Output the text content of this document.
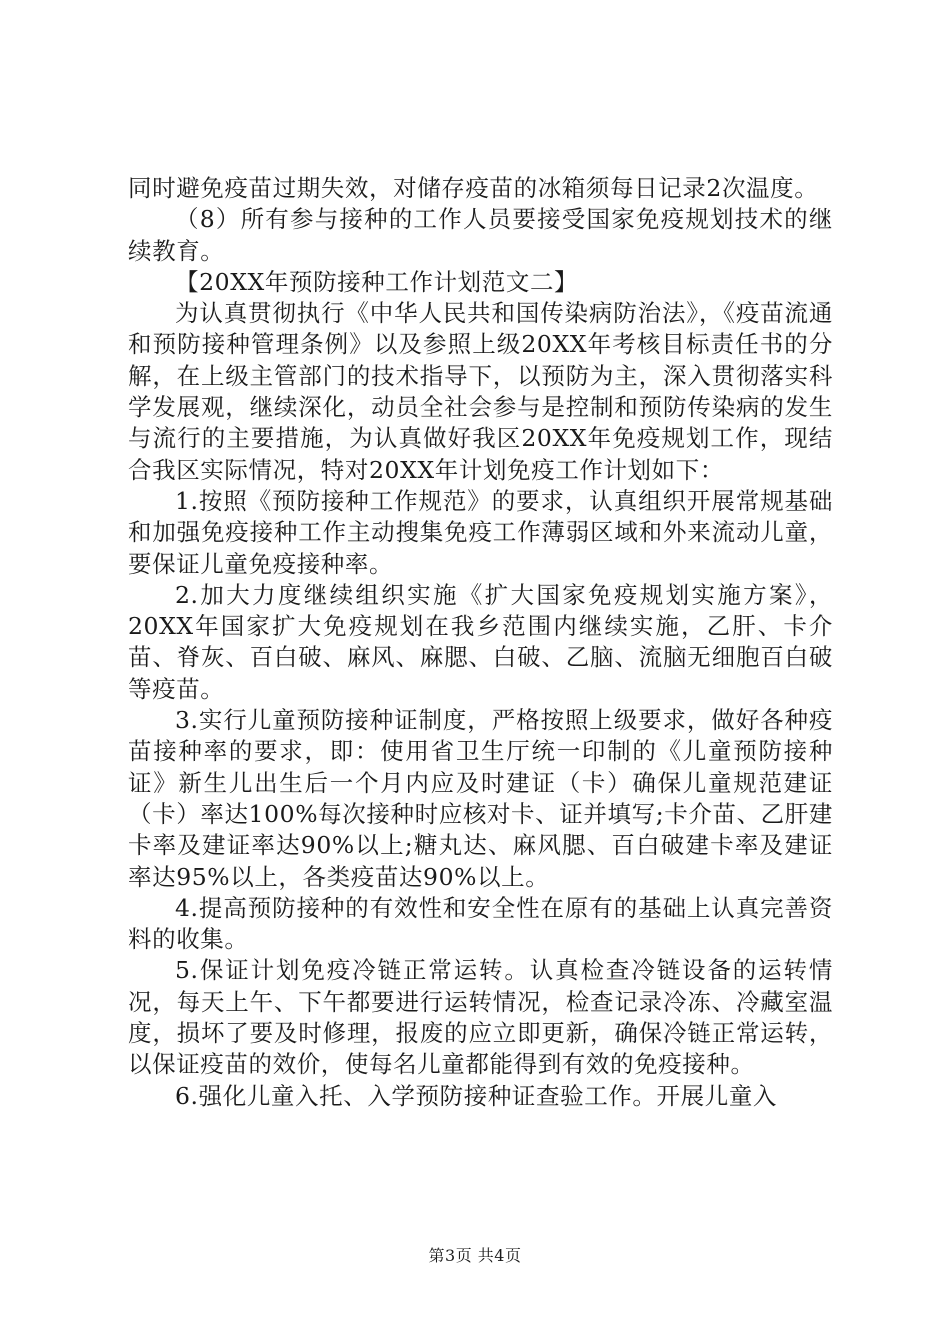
同时避免疫苗过期失效，对储存疫苗的冰箱须每日记录2次温度。

（8）所有参与接种的工作人员要接受国家免疫规划技术的继续教育。

【20XX年预防接种工作计划范文二】

为认真贯彻执行《中华人民共和国传染病防治法》，《疫苗流通和预防接种管理条例》以及参照上级20XX年考核目标责任书的分解，在上级主管部门的技术指导下，以预防为主，深入贯彻落实科学发展观，继续深化，动员全社会参与是控制和预防传染病的发生与流行的主要措施，为认真做好我区20XX年免疫规划工作，现结合我区实际情况，特对20XX年计划免疫工作计划如下：

1.按照《预防接种工作规范》的要求，认真组织开展常规基础和加强免疫接种工作主动搜集免疫工作薄弱区域和外来流动儿童，要保证儿童免疫接种率。

2.加大力度继续组织实施《扩大国家免疫规划实施方案》，20XX年国家扩大免疫规划在我乡范围内继续实施，乙肝、卡介苗、脊灰、百白破、麻风、麻腮、白破、乙脑、流脑无细胞百白破等疫苗。

3.实行儿童预防接种证制度，严格按照上级要求，做好各种疫苗接种率的要求，即：使用省卫生厅统一印制的《儿童预防接种证》新生儿出生后一个月内应及时建证（卡）确保儿童规范建证（卡）率达100%每次接种时应核对卡、证并填写;卡介苗、乙肝建卡率及建证率达90%以上;糖丸达、麻风腮、百白破建卡率及建证率达95%以上，各类疫苗达90%以上。

4.提高预防接种的有效性和安全性在原有的基础上认真完善资料的收集。

5.保证计划免疫冷链正常运转。认真检查冷链设备的运转情况，每天上午、下午都要进行运转情况，检查记录冷冻、冷藏室温度，损坏了要及时修理，报废的应立即更新，确保冷链正常运转，以保证疫苗的效价，使每名儿童都能得到有效的免疫接种。

6.强化儿童入托、入学预防接种证查验工作。开展儿童入

第3页 共4页
